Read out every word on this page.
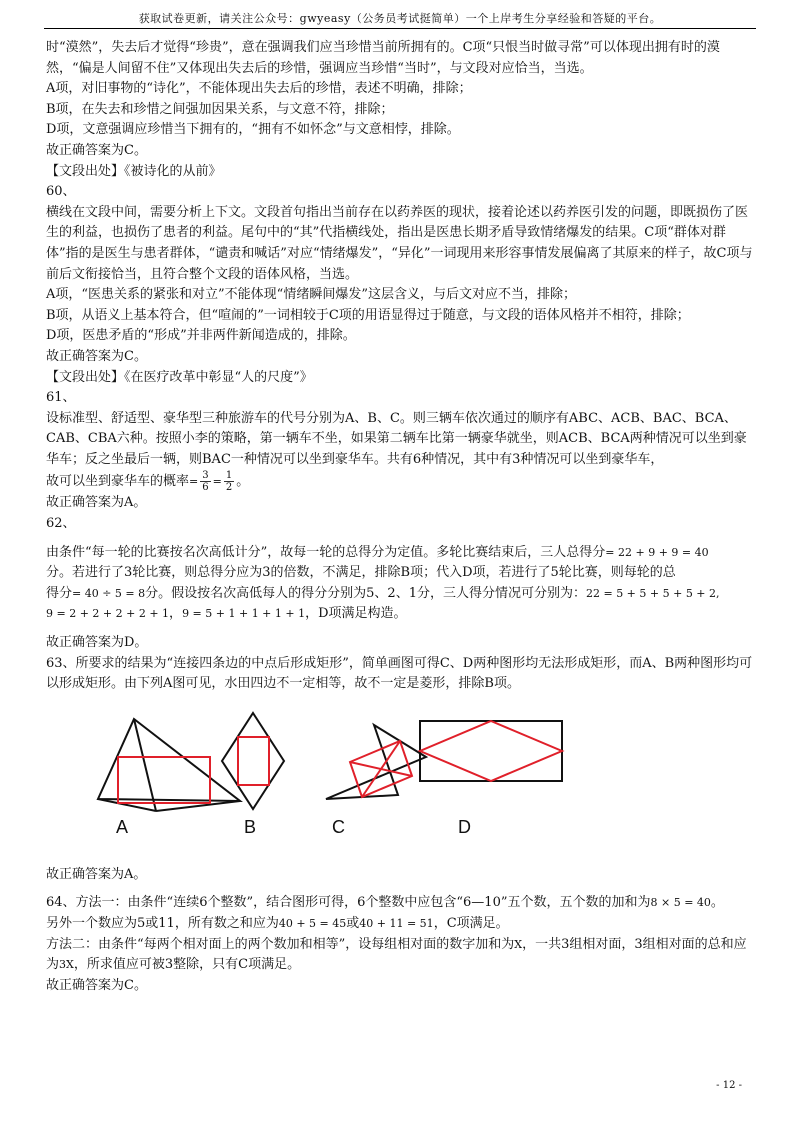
获取试卷更新，请关注公众号：gwyeasy（公务员考试挺简单）一个上岸考生分享经验和答疑的平台。

时“漠然”，失去后才觉得“珍贵”，意在强调我们应当珍惜当前所拥有的。C项“只恨当时做寻常”可以体现出拥有时的漠然，“偏是人间留不住”又体现出失去后的珍惜，强调应当珍惜“当时”，与文段对应恰当，当选。

A项，对旧事物的“诗化”，不能体现出失去后的珍惜，表述不明确，排除；

B项，在失去和珍惜之间强加因果关系，与文意不符，排除；

D项，文意强调应珍惜当下拥有的，“拥有不如怀念”与文意相悖，排除。

故正确答案为C。

【文段出处】《被诗化的从前》

60、

横线在文段中间，需要分析上下文。文段首句指出当前存在以药养医的现状，接着论述以药养医引发的问题，即既损伤了医生的利益，也损伤了患者的利益。尾句中的“其”代指横线处，指出是医患长期矛盾导致情绪爆发的结果。C项“群体对群体”指的是医生与患者群体，“谴责和喊话”对应“情绪爆发”，“异化”一词现用来形容事情发展偏离了其原来的样子，故C项与前后文衔接恰当，且符合整个文段的语体风格，当选。

A项，“医患关系的紧张和对立”不能体现“情绪瞬间爆发”这层含义，与后文对应不当，排除；

B项，从语义上基本符合，但“喧闹的”一词相较于C项的用语显得过于随意，与文段的语体风格并不相符，排除；

D项，医患矛盾的“形成”并非两件新闻造成的，排除。

故正确答案为C。

【文段出处】《在医疗改革中彰显“人的尺度”》

61、

设标准型、舒适型、豪华型三种旅游车的代号分别为A、B、C。则三辆车依次通过的顺序有ABC、ACB、BAC、BCA、CAB、CBA六种。按照小李的策略，第一辆车不坐，如果第二辆车比第一辆豪华就坐，则ACB、BCA两种情况可以坐到豪华车；反之坐最后一辆，则BAC一种情况可以坐到豪华车。共有6种情况，其中有3种情况可以坐到豪华车，

故可以坐到豪华车的概率= $\frac{3}{6} = \frac{1}{2}$ 。

故正确答案为A。

62、

由条件“每一轮的比赛按名次高低计分”，故每一轮的总得分为定值。多轮比赛结束后，三人总得分= 22 + 9 + 9 = 40

分。若进行了3轮比赛，则总得分应为3的倍数，不满足，排除B项；代入D项，若进行了5轮比赛，则每轮的总

得分= 40 ÷ 5 = 8分。假设按名次高低每人的得分分别为5、2、1分，三人得分情况可分别为：22 = 5 + 5 + 5 + 5 + 2,

9 = 2 + 2 + 2 + 2 + 1，9 = 5 + 1 + 1 + 1 + 1，D项满足构造。

故正确答案为D。

63、所要求的结果为“连接四条边的中点后形成矩形”，简单画图可得C、D两种图形均无法形成矩形，而A、B两种图形均可以形成矩形。由下列A图可见，水田四边不一定相等，故不一定是菱形，排除B项。

A	B	C	D

故正确答案为A。

64、方法一：由条件“连续6个整数”，结合图形可得，6个整数中应包含“6—10”五个数，五个数的加和为8 × 5 = 40。

另外一个数应为5或11，所有数之和应为40 + 5 = 45或40 + 11 = 51，C项满足。

方法二：由条件“每两个相对面上的两个数加和相等”，设每组相对面的数字加和为X，一共3组相对面，3组相对面的总和应为3X，所求值应可被3整除，只有C项满足。

故正确答案为C。

- 12 -
